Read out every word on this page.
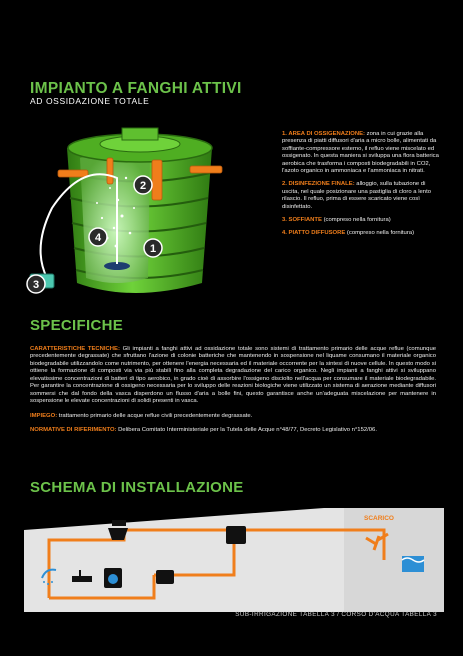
IMPIANTO A FANGHI ATTIVI
AD OSSIDAZIONE TOTALE
1
2
3
4

1. AREA DI OSSIGENAZIONE: zona in cui grazie alla presenza di piatti diffusori d'aria a micro bolle, alimentati da soffiante-compressore esterno, il refluo viene miscelato ed ossigenato. In questa maniera si sviluppa una flora batterica aerobica che trasforma i composti biodegradabili in CO2, l'azoto organico in ammoniaca e l'ammoniaca in nitrati.

2. DISINFEZIONE FINALE: alloggio, sulla tubazione di uscita, nel quale posizionare una pastiglia di cloro a lento rilascio. Il refluo, prima di essere scaricato viene così disinfettato.

3. SOFFIANTE (compreso nella fornitura)

4. PIATTO DIFFUSORE (compreso nella fornitura)

SPECIFICHE

CARATTERISTICHE TECNICHE: Gli impianti a fanghi attivi ad ossidazione totale sono sistemi di trattamento primario delle acque reflue (comunque precedentemente degrassate) che sfruttano l'azione di colonie batteriche che mantenendo in sospensione nel liquame consumano il materiale organico biodegradabile utilizzandolo come nutrimento, per ottenere l'energia necessaria ed il materiale occorrente per la sintesi di nuove cellule. In questo modo si ottiene la formazione di composti via via più stabili fino alla completa degradazione del carico organico. Negli impianti a fanghi attivi si sviluppano elevatissime concentrazioni di batteri di tipo aerobico, in grado cioè di assorbire l'ossigeno disciolto nell'acqua per consumare il materiale biodegradabile. Per garantire la concentrazione di ossigeno necessaria per lo sviluppo delle reazioni biologiche viene utilizzato un sistema di aerazione mediante diffusori sommersi che dal fondo della vasca disperdono un flusso d'aria a bolle fini, questo garantisce anche un'adeguata miscelazione per mantenere in sospensione le elevate concentrazioni di solidi presenti in vasca.

IMPIEGO: trattamento primario delle acque reflue civili precedentemente degrassate.

NORMATIVE DI RIFERIMENTO: Delibera Comitato Interministeriale per la Tutela delle Acque n°48/77, Decreto Legislativo n°152/06.

SCHEMA DI INSTALLAZIONE
SCARICO
SUB-IRRIGAZIONE TABELLA 3 / CORSO D'ACQUA TABELLA 3
